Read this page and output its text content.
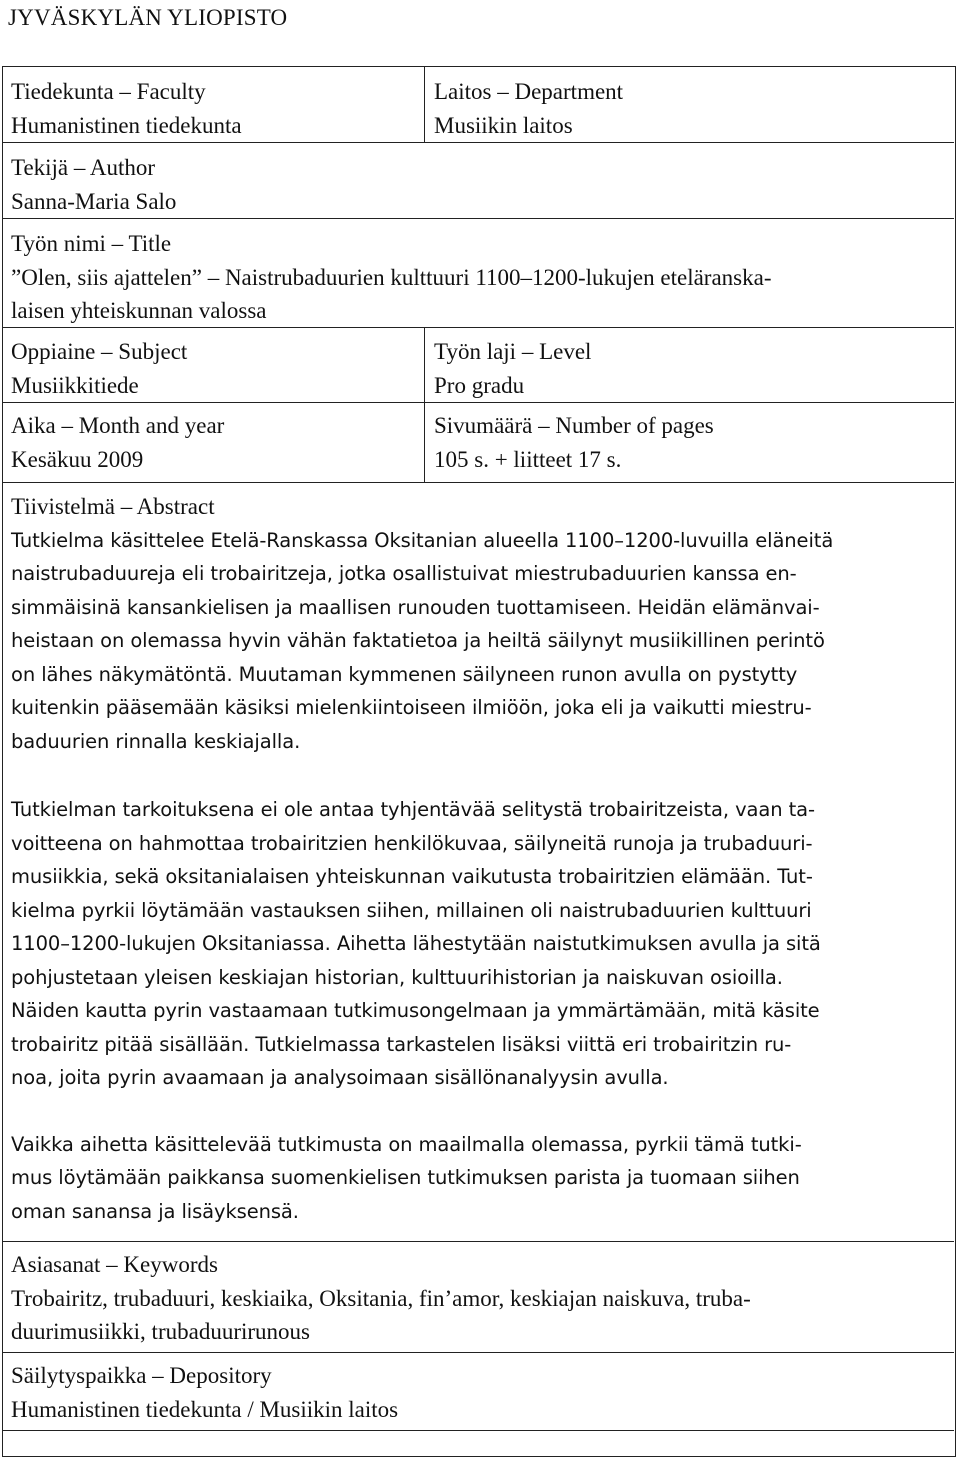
JYVÄSKYLÄN YLIOPISTO
Tiedekunta – Faculty
Humanistinen tiedekunta
Laitos – Department
Musiikin laitos
Tekijä – Author
Sanna-Maria Salo
Työn nimi – Title
”Olen, siis ajattelen” – Naistrubaduurien kulttuuri 1100–1200-lukujen eteläranska-
laisen yhteiskunnan valossa
Oppiaine – Subject
Musiikkitiede
Työn laji – Level
Pro gradu
Aika – Month and year
Kesäkuu 2009
Sivumäärä – Number of pages
105 s. + liitteet 17 s.
Tiivistelmä – Abstract
Tutkielma käsittelee Etelä-Ranskassa Oksitanian alueella 1100–1200-luvuilla eläneitä
naistrubaduureja eli trobairitzeja, jotka osallistuivat miestrubaduurien kanssa en-
simmäisinä kansankielisen ja maallisen runouden tuottamiseen. Heidän elämänvai-
heistaan on olemassa hyvin vähän faktatietoa ja heiltä säilynyt musiikillinen perintö
on lähes näkymätöntä. Muutaman kymmenen säilyneen runon avulla on pystytty
kuitenkin pääsemään käsiksi mielenkiintoiseen ilmiöön, joka eli ja vaikutti miestru-
baduurien rinnalla keskiajalla.
Tutkielman tarkoituksena ei ole antaa tyhjentävää selitystä trobairitzeista, vaan ta-
voitteena on hahmottaa trobairitzien henkilökuvaa, säilyneitä runoja ja trubaduuri-
musiikkia, sekä oksitanialaisen yhteiskunnan vaikutusta trobairitzien elämään. Tut-
kielma pyrkii löytämään vastauksen siihen, millainen oli naistrubaduurien kulttuuri
1100–1200-lukujen Oksitaniassa. Aihetta lähestytään naistutkimuksen avulla ja sitä
pohjustetaan yleisen keskiajan historian, kulttuurihistorian ja naiskuvan osioilla.
Näiden kautta pyrin vastaamaan tutkimusongelmaan ja ymmärtämään, mitä käsite
trobairitz pitää sisällään. Tutkielmassa tarkastelen lisäksi viittä eri trobairitzin ru-
noa, joita pyrin avaamaan ja analysoimaan sisällönanalyysin avulla.
Vaikka aihetta käsittelevää tutkimusta on maailmalla olemassa, pyrkii tämä tutki-
mus löytämään paikkansa suomenkielisen tutkimuksen parista ja tuomaan siihen
oman sanansa ja lisäyksensä.
Asiasanat – Keywords
Trobairitz, trubaduuri, keskiaika, Oksitania, fin’amor, keskiajan naiskuva, truba-
duurimusiikki, trubaduurirunous
Säilytyspaikka – Depository
Humanistinen tiedekunta / Musiikin laitos
